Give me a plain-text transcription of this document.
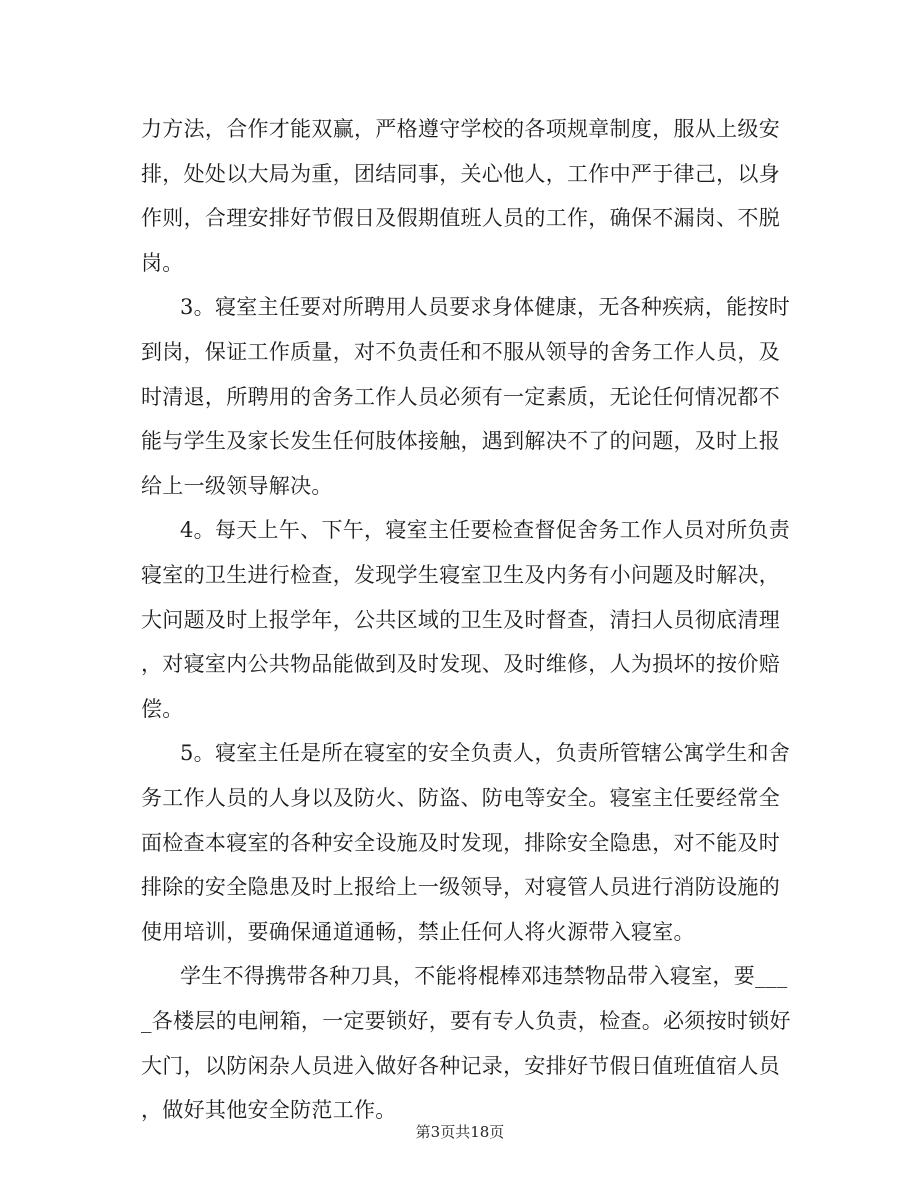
力方法，合作才能双赢，严格遵守学校的各项规章制度，服从上级安
排，处处以大局为重，团结同事，关心他人，工作中严于律己，以身
作则，合理安排好节假日及假期值班人员的工作，确保不漏岗、不脱
岗。
3。寝室主任要对所聘用人员要求身体健康，无各种疾病，能按时
到岗，保证工作质量，对不负责任和不服从领导的舍务工作人员，及
时清退，所聘用的舍务工作人员必须有一定素质，无论任何情况都不
能与学生及家长发生任何肢体接触，遇到解决不了的问题，及时上报
给上一级领导解决。
4。每天上午、下午，寝室主任要检查督促舍务工作人员对所负责
寝室的卫生进行检查，发现学生寝室卫生及内务有小问题及时解决，
大问题及时上报学年，公共区域的卫生及时督查，清扫人员彻底清理
，对寝室内公共物品能做到及时发现、及时维修，人为损坏的按价赔
偿。
5。寝室主任是所在寝室的安全负责人，负责所管辖公寓学生和舍
务工作人员的人身以及防火、防盗、防电等安全。寝室主任要经常全
面检查本寝室的各种安全设施及时发现，排除安全隐患，对不能及时
排除的安全隐患及时上报给上一级领导，对寝管人员进行消防设施的
使用培训，要确保通道通畅，禁止任何人将火源带入寝室。
学生不得携带各种刀具，不能将棍棒邓违禁物品带入寝室，要___
_各楼层的电闸箱，一定要锁好，要有专人负责，检查。必须按时锁好
大门，以防闲杂人员进入做好各种记录，安排好节假日值班值宿人员
，做好其他安全防范工作。
第3页共18页
